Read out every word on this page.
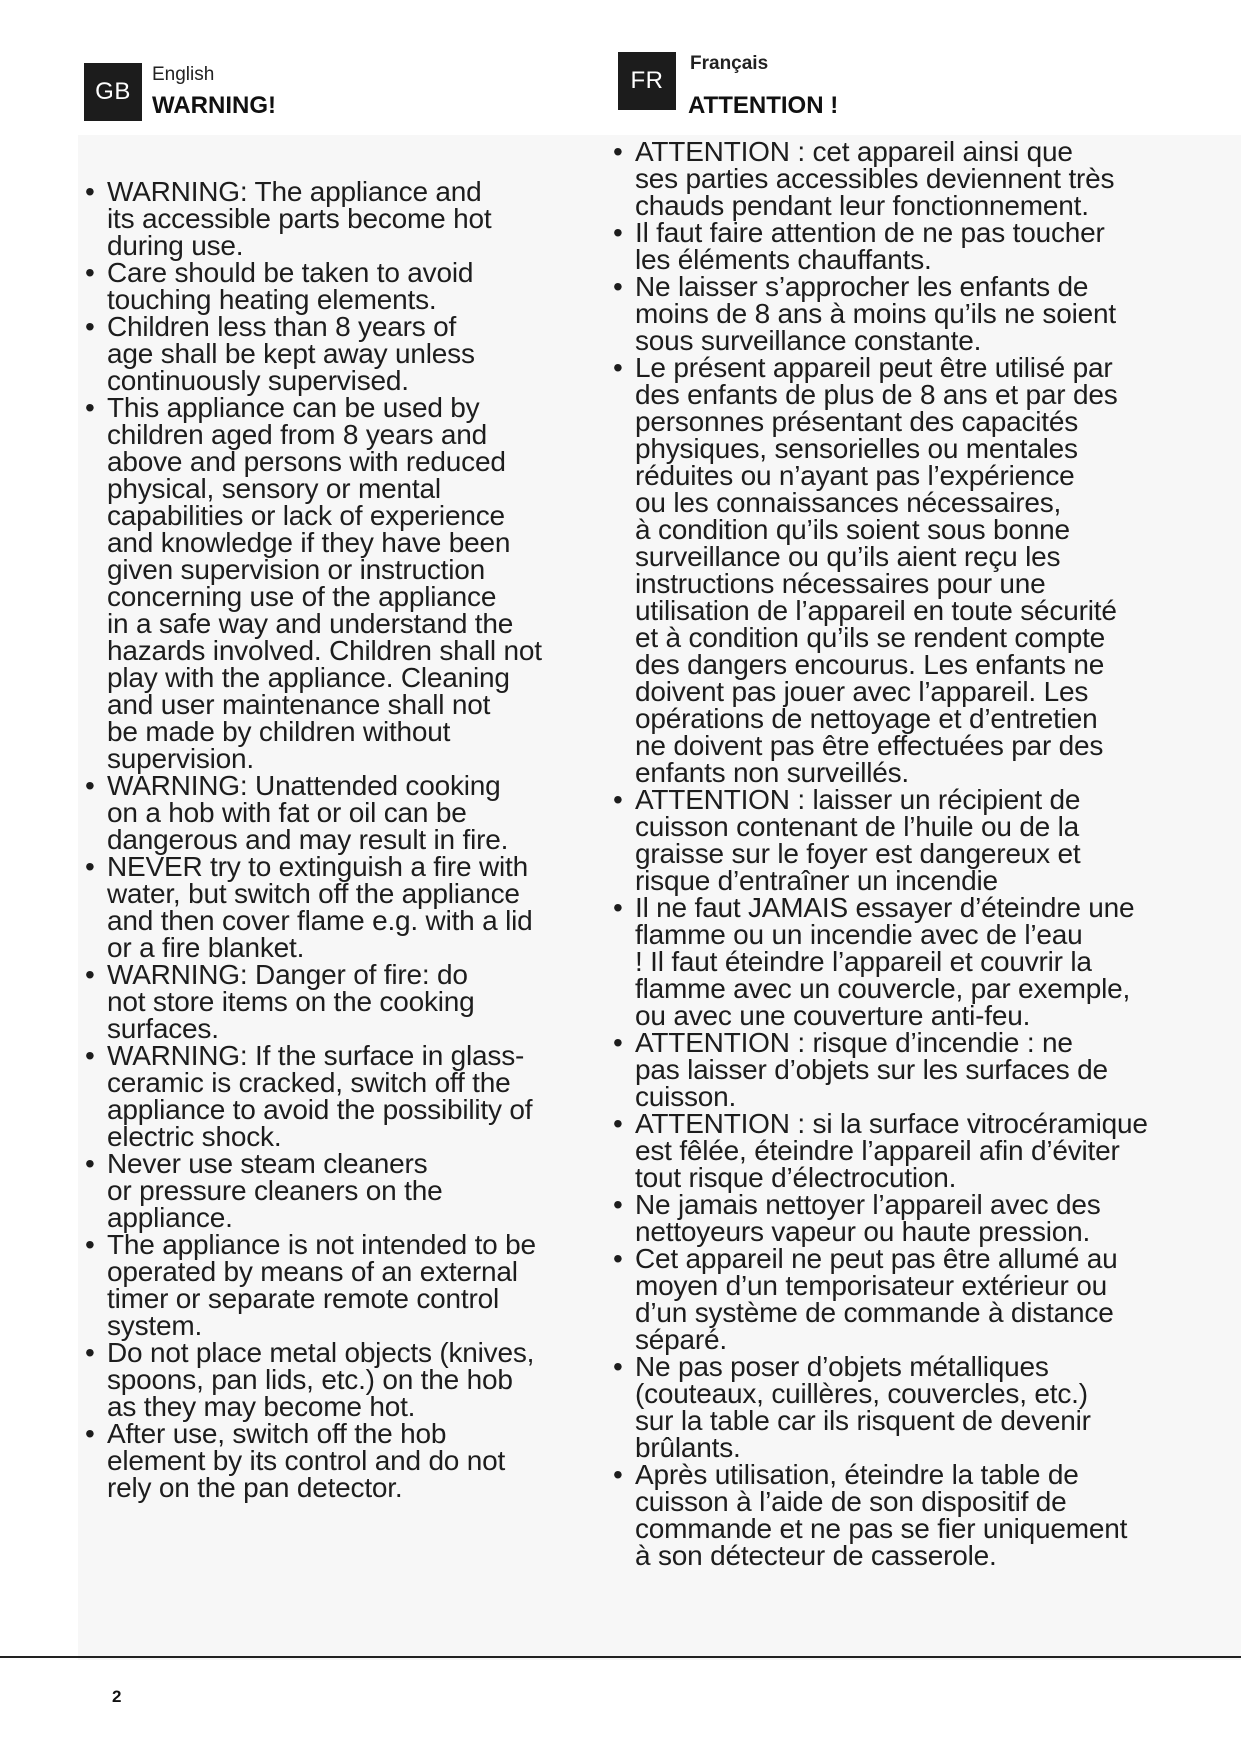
GB
English
WARNING!
FR
Français
ATTENTION !
• WARNING: The appliance and
its accessible parts become hot
during use.
• Care should be taken to avoid
touching heating elements.
• Children less than 8 years of
age shall be kept away unless
continuously supervised.
• This appliance can be used by
children aged from 8 years and
above and persons with reduced
physical, sensory or mental
capabilities or lack of experience
and knowledge if they have been
given supervision or instruction
concerning use of the appliance
in a safe way and understand the
hazards involved. Children shall not
play with the appliance. Cleaning
and user maintenance shall not
be made by children without
supervision.
• WARNING: Unattended cooking
on a hob with fat or oil can be
dangerous and may result in fire.
• NEVER try to extinguish a fire with
water, but switch off the appliance
and then cover flame e.g. with a lid
or a fire blanket.
• WARNING: Danger of fire: do
not store items on the cooking
surfaces.
• WARNING: If the surface in glass-
ceramic is cracked, switch off the
appliance to avoid the possibility of
electric shock.
• Never use steam cleaners
or pressure cleaners on the
appliance.
• The appliance is not intended to be
operated by means of an external
timer or separate remote control
system.
• Do not place metal objects (knives,
spoons, pan lids, etc.) on the hob
as they may become hot.
• After use, switch off the hob
element by its control and do not
rely on the pan detector.
• ATTENTION : cet appareil ainsi que
ses parties accessibles deviennent très
chauds pendant leur fonctionnement.
• Il faut faire attention de ne pas toucher
les éléments chauffants.
• Ne laisser s’approcher les enfants de
moins de 8 ans à moins qu’ils ne soient
sous surveillance constante.
• Le présent appareil peut être utilisé par
des enfants de plus de 8 ans et par des
personnes présentant des capacités
physiques, sensorielles ou mentales
réduites ou n’ayant pas l’expérience
ou les connaissances nécessaires,
à condition qu’ils soient sous bonne
surveillance ou qu’ils aient reçu les
instructions nécessaires pour une
utilisation de l’appareil en toute sécurité
et à condition qu’ils se rendent compte
des dangers encourus. Les enfants ne
doivent pas jouer avec l’appareil. Les
opérations de nettoyage et d’entretien
ne doivent pas être effectuées par des
enfants non surveillés.
• ATTENTION : laisser un récipient de
cuisson contenant de l’huile ou de la
graisse sur le foyer est dangereux et
risque d’entraîner un incendie
• Il ne faut JAMAIS essayer d’éteindre une
flamme ou un incendie avec de l’eau
! Il faut éteindre l’appareil et couvrir la
flamme avec un couvercle, par exemple,
ou avec une couverture anti-feu.
• ATTENTION : risque d’incendie : ne
pas laisser d’objets sur les surfaces de
cuisson.
• ATTENTION : si la surface vitrocéramique
est fêlée, éteindre l’appareil afin d’éviter
tout risque d’électrocution.
• Ne jamais nettoyer l’appareil avec des
nettoyeurs vapeur ou haute pression.
• Cet appareil ne peut pas être allumé au
moyen d’un temporisateur extérieur ou
d’un système de commande à distance
séparé.
• Ne pas poser d’objets métalliques
(couteaux, cuillères, couvercles, etc.)
sur la table car ils risquent de devenir
brûlants.
• Après utilisation, éteindre la table de
cuisson à l’aide de son dispositif de
commande et ne pas se fier uniquement
à son détecteur de casserole.
2
